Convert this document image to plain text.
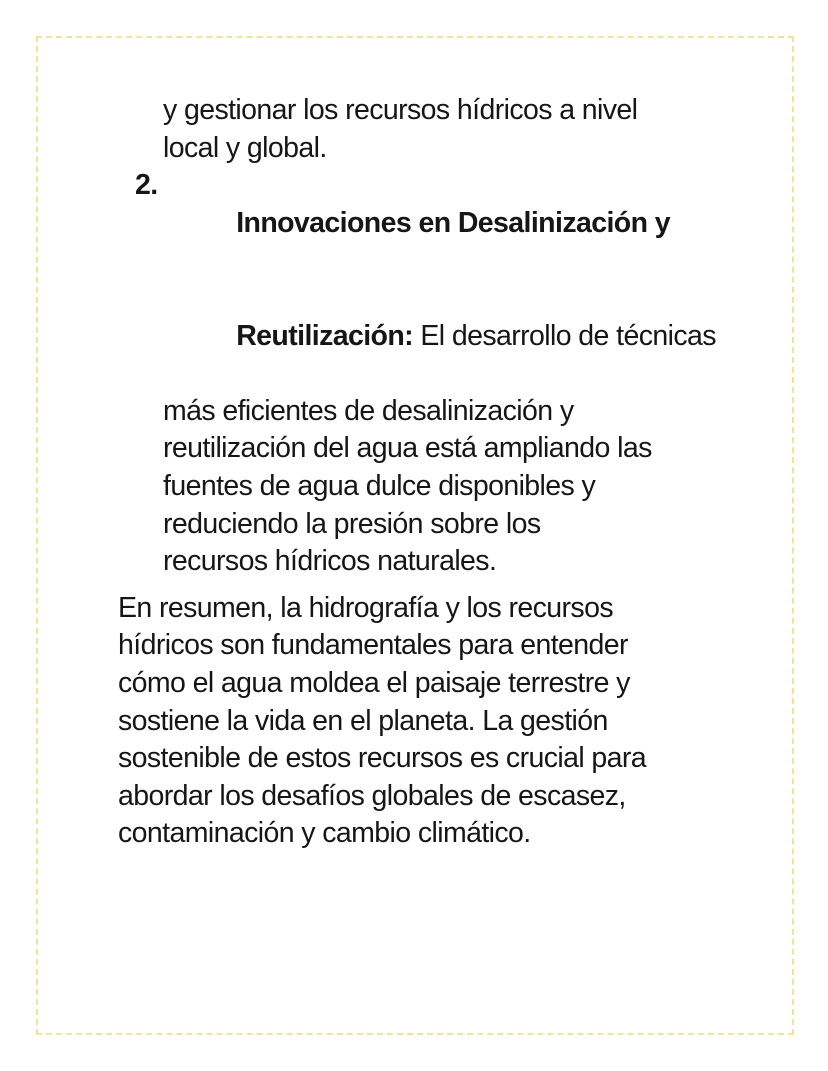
y gestionar los recursos hídricos a nivel
local y global.
2.

Innovaciones en Desalinización y

Reutilización: El desarrollo de técnicas

más eficientes de desalinización y
reutilización del agua está ampliando las
fuentes de agua dulce disponibles y
reduciendo la presión sobre los
recursos hídricos naturales.
En resumen, la hidrografía y los recursos
hídricos son fundamentales para entender
cómo el agua moldea el paisaje terrestre y
sostiene la vida en el planeta. La gestión
sostenible de estos recursos es crucial para
abordar los desafíos globales de escasez,
contaminación y cambio climático.
